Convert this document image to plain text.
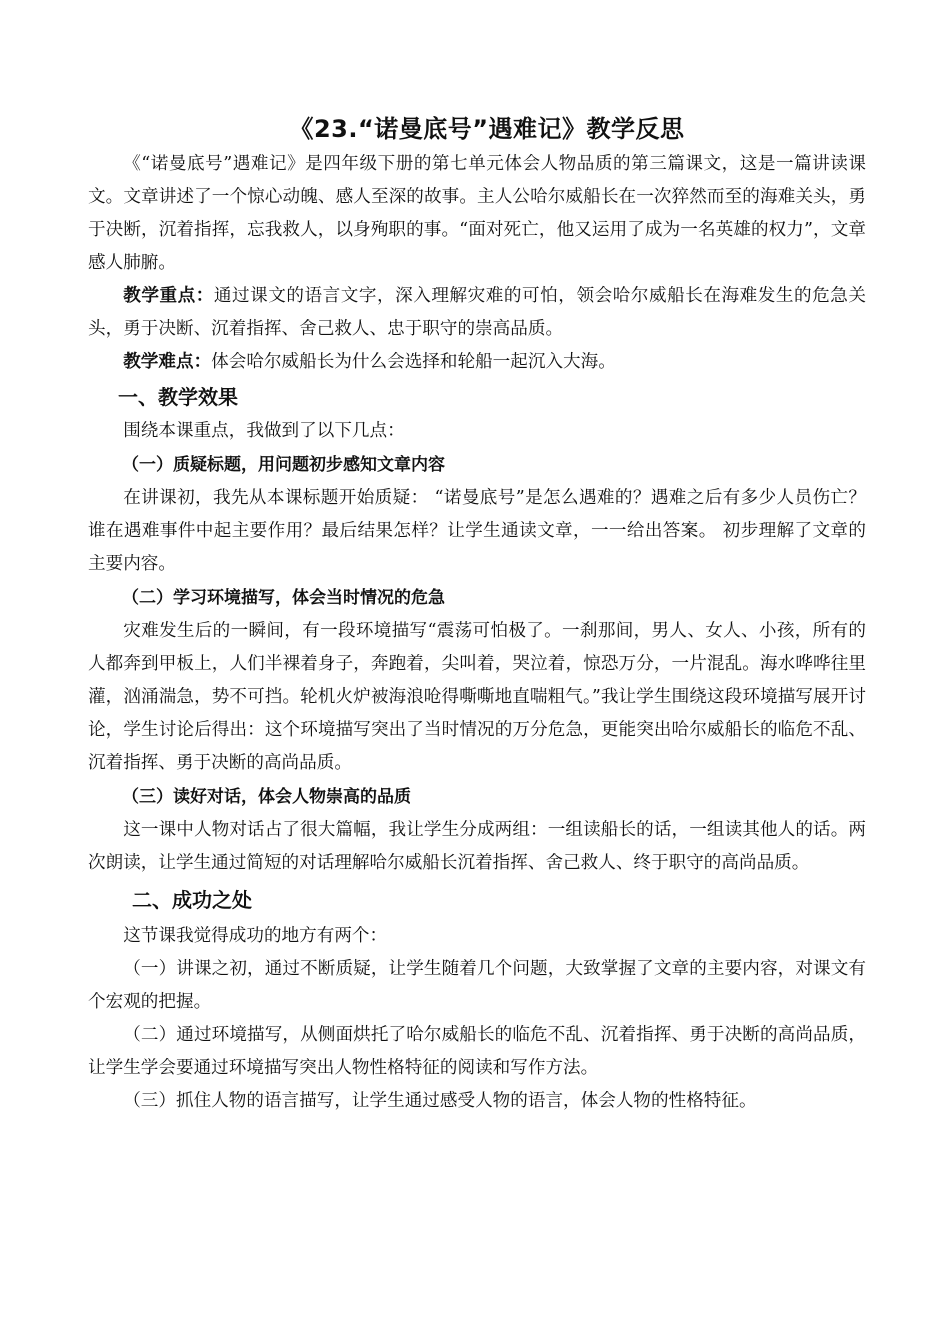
《23.“诺曼底号”遇难记》教学反思

《“诺曼底号”遇难记》是四年级下册的第七单元体会人物品质的第三篇课文，这是一篇讲读课文。文章讲述了一个惊心动魄、感人至深的故事。主人公哈尔威船长在一次猝然而至的海难关头，勇于决断，沉着指挥，忘我救人，以身殉职的事。“面对死亡，他又运用了成为一名英雄的权力”，文章感人肺腑。

教学重点：通过课文的语言文字，深入理解灾难的可怕，领会哈尔威船长在海难发生的危急关头，勇于决断、沉着指挥、舍己救人、忠于职守的崇高品质。

教学难点：体会哈尔威船长为什么会选择和轮船一起沉入大海。

一、教学效果

围绕本课重点，我做到了以下几点：

（一）质疑标题，用问题初步感知文章内容

在讲课初，我先从本课标题开始质疑： “诺曼底号”是怎么遇难的？遇难之后有多少人员伤亡？谁在遇难事件中起主要作用？最后结果怎样？让学生通读文章，一一给出答案。 初步理解了文章的主要内容。

（二）学习环境描写，体会当时情况的危急

灾难发生后的一瞬间，有一段环境描写“震荡可怕极了。一刹那间，男人、女人、小孩，所有的人都奔到甲板上，人们半裸着身子，奔跑着，尖叫着，哭泣着，惊恐万分，一片混乱。海水哗哗往里灌，汹涌湍急，势不可挡。轮机火炉被海浪呛得嘶嘶地直喘粗气。”我让学生围绕这段环境描写展开讨论，学生讨论后得出：这个环境描写突出了当时情况的万分危急，更能突出哈尔威船长的临危不乱、沉着指挥、勇于决断的高尚品质。

（三）读好对话，体会人物崇高的品质

这一课中人物对话占了很大篇幅，我让学生分成两组：一组读船长的话，一组读其他人的话。两次朗读，让学生通过简短的对话理解哈尔威船长沉着指挥、舍己救人、终于职守的高尚品质。

二、成功之处

这节课我觉得成功的地方有两个：

（一）讲课之初，通过不断质疑，让学生随着几个问题，大致掌握了文章的主要内容，对课文有个宏观的把握。

（二）通过环境描写，从侧面烘托了哈尔威船长的临危不乱、沉着指挥、勇于决断的高尚品质，让学生学会要通过环境描写突出人物性格特征的阅读和写作方法。

（三）抓住人物的语言描写，让学生通过感受人物的语言，体会人物的性格特征。
